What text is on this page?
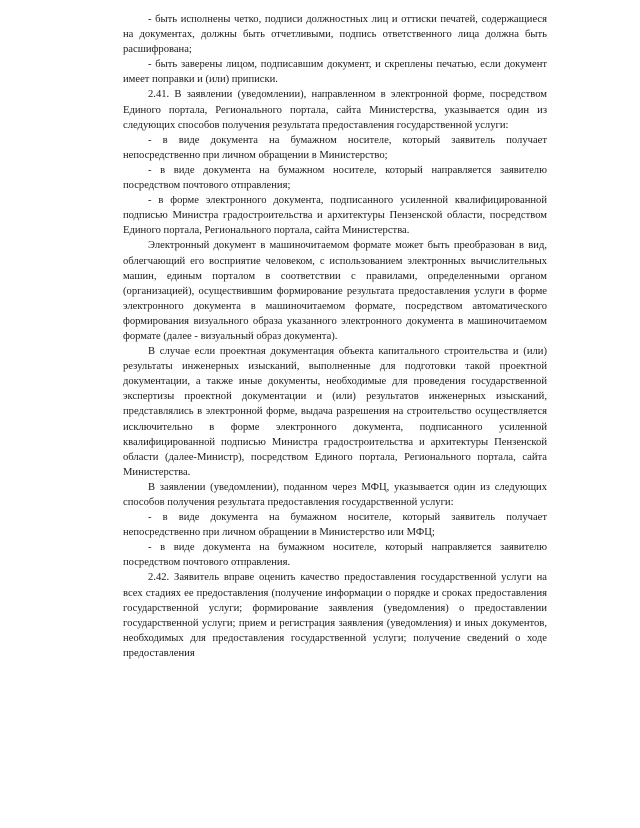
- быть исполнены четко, подписи должностных лиц и оттиски печатей, содержащиеся на документах, должны быть отчетливыми, подпись ответственного лица должна быть расшифрована;

- быть заверены лицом, подписавшим документ, и скреплены печатью, если документ имеет поправки и (или) приписки.

2.41. В заявлении (уведомлении), направленном в электронной форме, посредством Единого портала, Регионального портала, сайта Министерства, указывается один из следующих способов получения результата предоставления государственной услуги:

- в виде документа на бумажном носителе, который заявитель получает непосредственно при личном обращении в Министерство;

- в виде документа на бумажном носителе, который направляется заявителю посредством почтового отправления;

- в форме электронного документа, подписанного усиленной квалифицированной подписью Министра градостроительства и архитектуры Пензенской области, посредством Единого портала, Регионального портала, сайта Министерства.

Электронный документ в машиночитаемом формате может быть преобразован в вид, облегчающий его восприятие человеком, с использованием электронных вычислительных машин, единым порталом в соответствии с правилами, определенными органом (организацией), осуществившим формирование результата предоставления услуги в форме электронного документа в машиночитаемом формате, посредством автоматического формирования визуального образа указанного электронного документа в машиночитаемом формате (далее - визуальный образ документа).

В случае если проектная документация объекта капитального строительства и (или) результаты инженерных изысканий, выполненные для подготовки такой проектной документации, а также иные документы, необходимые для проведения государственной экспертизы проектной документации и (или) результатов инженерных изысканий, представлялись в электронной форме, выдача разрешения на строительство осуществляется исключительно в форме электронного документа, подписанного усиленной квалифицированной подписью Министра градостроительства и архитектуры Пензенской области (далее-Министр), посредством Единого портала, Регионального портала, сайта Министерства.

В заявлении (уведомлении), поданном через МФЦ, указывается один из следующих способов получения результата предоставления государственной услуги:

- в виде документа на бумажном носителе, который заявитель получает непосредственно при личном обращении в Министерство или МФЦ;

- в виде документа на бумажном носителе, который направляется заявителю посредством почтового отправления.

2.42. Заявитель вправе оценить качество предоставления государственной услуги на всех стадиях ее предоставления (получение информации о порядке и сроках предоставления государственной услуги; формирование заявления (уведомления) о предоставлении государственной услуги; прием и регистрация заявления (уведомления) и иных документов, необходимых для предоставления государственной услуги; получение сведений о ходе предоставления
